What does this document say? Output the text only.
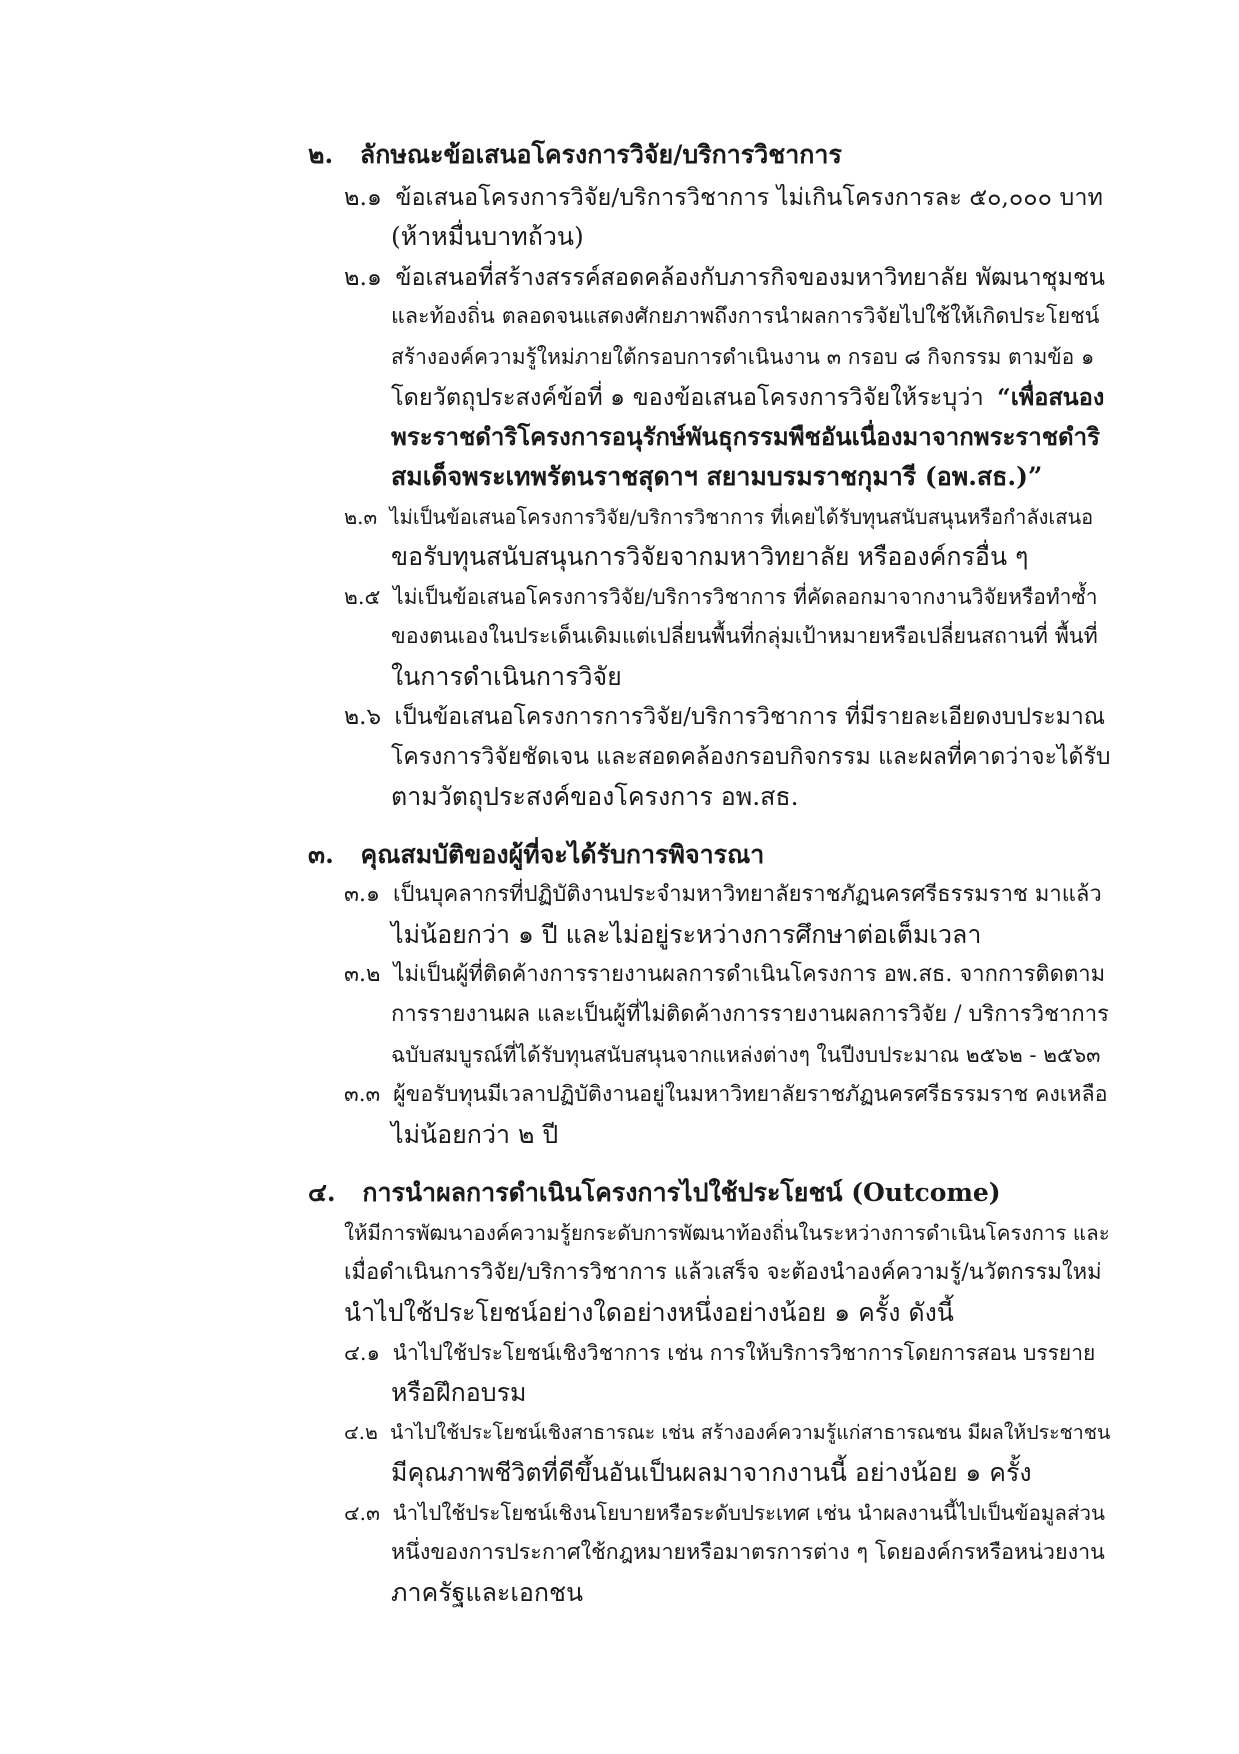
๒. ลักษณะข้อเสนอโครงการวิจัย/บริการวิชาการ
๒.๑ ข้อเสนอโครงการวิจัย/บริการวิชาการ ไม่เกินโครงการละ ๕๐,๐๐๐ บาท
(ห้าหมื่นบาทถ้วน)
๒.๑ ข้อเสนอที่สร้างสรรค์สอดคล้องกับภารกิจของมหาวิทยาลัย พัฒนาชุมชน
และท้องถิ่น ตลอดจนแสดงศักยภาพถึงการนำผลการวิจัยไปใช้ให้เกิดประโยชน์
สร้างองค์ความรู้ใหม่ภายใต้กรอบการดำเนินงาน ๓ กรอบ ๘ กิจกรรม ตามข้อ ๑
โดยวัตถุประสงค์ข้อที่ ๑ ของข้อเสนอโครงการวิจัยให้ระบุว่า “เพื่อสนอง
พระราชดำริโครงการอนุรักษ์พันธุกรรมพืชอันเนื่องมาจากพระราชดำริ
สมเด็จพระเทพรัตนราชสุดาฯ สยามบรมราชกุมารี (อพ.สธ.)”
๒.๓ ไม่เป็นข้อเสนอโครงการวิจัย/บริการวิชาการ ที่เคยได้รับทุนสนับสนุนหรือกำลังเสนอ
ขอรับทุนสนับสนุนการวิจัยจากมหาวิทยาลัย หรือองค์กรอื่น ๆ
๒.๕ ไม่เป็นข้อเสนอโครงการวิจัย/บริการวิชาการ ที่คัดลอกมาจากงานวิจัยหรือทำซ้ำ
ของตนเองในประเด็นเดิมแต่เปลี่ยนพื้นที่กลุ่มเป้าหมายหรือเปลี่ยนสถานที่ พื้นที่
ในการดำเนินการวิจัย
๒.๖ เป็นข้อเสนอโครงการการวิจัย/บริการวิชาการ ที่มีรายละเอียดงบประมาณ
โครงการวิจัยชัดเจน และสอดคล้องกรอบกิจกรรม และผลที่คาดว่าจะได้รับ
ตามวัตถุประสงค์ของโครงการ อพ.สธ.
๓. คุณสมบัติของผู้ที่จะได้รับการพิจารณา
๓.๑ เป็นบุคลากรที่ปฏิบัติงานประจำมหาวิทยาลัยราชภัฏนครศรีธรรมราช มาแล้ว
ไม่น้อยกว่า ๑ ปี และไม่อยู่ระหว่างการศึกษาต่อเต็มเวลา
๓.๒ ไม่เป็นผู้ที่ติดค้างการรายงานผลการดำเนินโครงการ อพ.สธ. จากการติดตาม
การรายงานผล และเป็นผู้ที่ไม่ติดค้างการรายงานผลการวิจัย / บริการวิชาการ
ฉบับสมบูรณ์ที่ได้รับทุนสนับสนุนจากแหล่งต่างๆ ในปีงบประมาณ ๒๕๖๒ - ๒๕๖๓
๓.๓ ผู้ขอรับทุนมีเวลาปฏิบัติงานอยู่ในมหาวิทยาลัยราชภัฏนครศรีธรรมราช คงเหลือ
ไม่น้อยกว่า ๒ ปี
๔. การนำผลการดำเนินโครงการไปใช้ประโยชน์ (Outcome)
ให้มีการพัฒนาองค์ความรู้ยกระดับการพัฒนาท้องถิ่นในระหว่างการดำเนินโครงการ และ
เมื่อดำเนินการวิจัย/บริการวิชาการ แล้วเสร็จ จะต้องนำองค์ความรู้/นวัตกรรมใหม่
นำไปใช้ประโยชน์อย่างใดอย่างหนึ่งอย่างน้อย ๑ ครั้ง ดังนี้
๔.๑ นำไปใช้ประโยชน์เชิงวิชาการ เช่น การให้บริการวิชาการโดยการสอน บรรยาย
หรือฝึกอบรม
๔.๒ นำไปใช้ประโยชน์เชิงสาธารณะ เช่น สร้างองค์ความรู้แก่สาธารณชน มีผลให้ประชาชน
มีคุณภาพชีวิตที่ดีขึ้นอันเป็นผลมาจากงานนี้ อย่างน้อย ๑ ครั้ง
๔.๓ นำไปใช้ประโยชน์เชิงนโยบายหรือระดับประเทศ เช่น นำผลงานนี้ไปเป็นข้อมูลส่วน
หนึ่งของการประกาศใช้กฎหมายหรือมาตรการต่าง ๆ โดยองค์กรหรือหน่วยงาน
ภาครัฐและเอกชน
